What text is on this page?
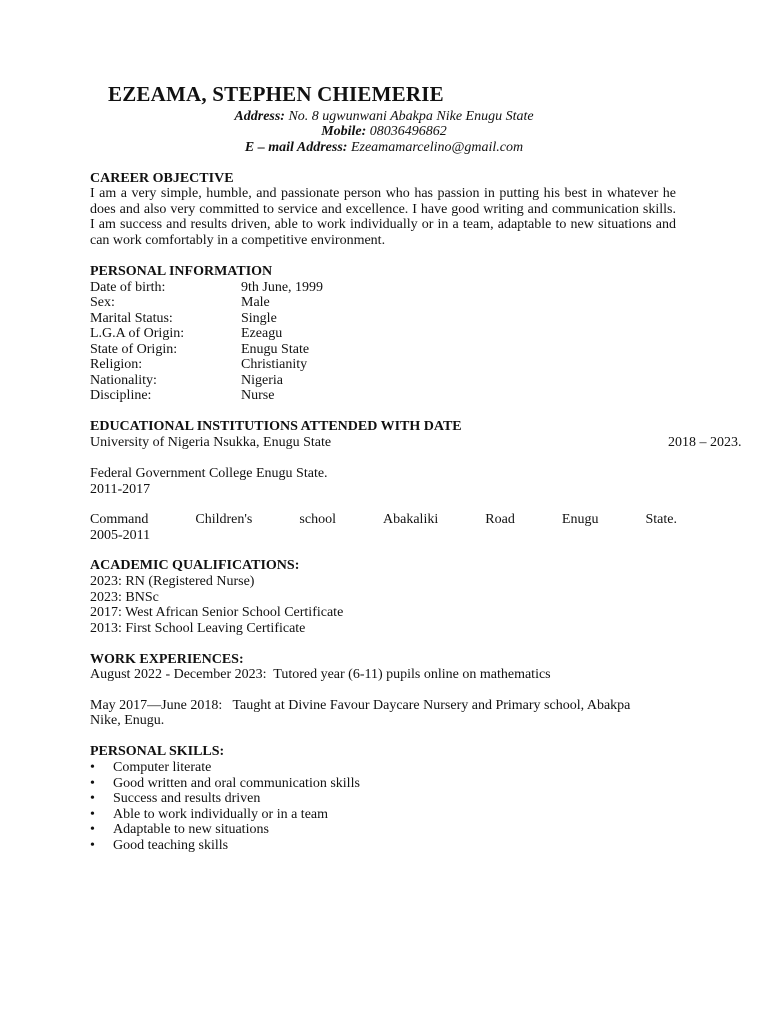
EZEAMA, STEPHEN CHIEMERIE
Address: No. 8 ugwunwani Abakpa Nike Enugu State
Mobile: 08036496862
E – mail Address: Ezeamamarcelino@gmail.com
CAREER OBJECTIVE
I am a very simple, humble, and passionate person who has passion in putting his best in whatever he does and also very committed to service and excellence. I have good writing and communication skills. I am success and results driven, able to work individually or in a team, adaptable to new situations and can work comfortably in a competitive environment.
PERSONAL INFORMATION
Date of birth:	9th June, 1999
Sex:	Male
Marital Status:	Single
L.G.A of Origin:	Ezeagu
State of Origin:	Enugu State
Religion:	Christianity
Nationality:	Nigeria
Discipline:	Nurse
EDUCATIONAL INSTITUTIONS ATTENDED WITH DATE
University of Nigeria Nsukka, Enugu State	2018 – 2023.
Federal Government College Enugu State.
2011-2017
Command	Children's	school	Abakaliki	Road	Enugu	State.
2005-2011
ACADEMIC QUALIFICATIONS:
2023: RN (Registered Nurse)
2023: BNSc
2017: West African Senior School Certificate
2013: First School Leaving Certificate
WORK EXPERIENCES:
August 2022 - December 2023:  Tutored year (6-11) pupils online on mathematics
May 2017—June 2018:   Taught at Divine Favour Daycare Nursery and Primary school, Abakpa
Nike, Enugu.
PERSONAL SKILLS:
• Computer literate
• Good written and oral communication skills
• Success and results driven
• Able to work individually or in a team
• Adaptable to new situations
• Good teaching skills
